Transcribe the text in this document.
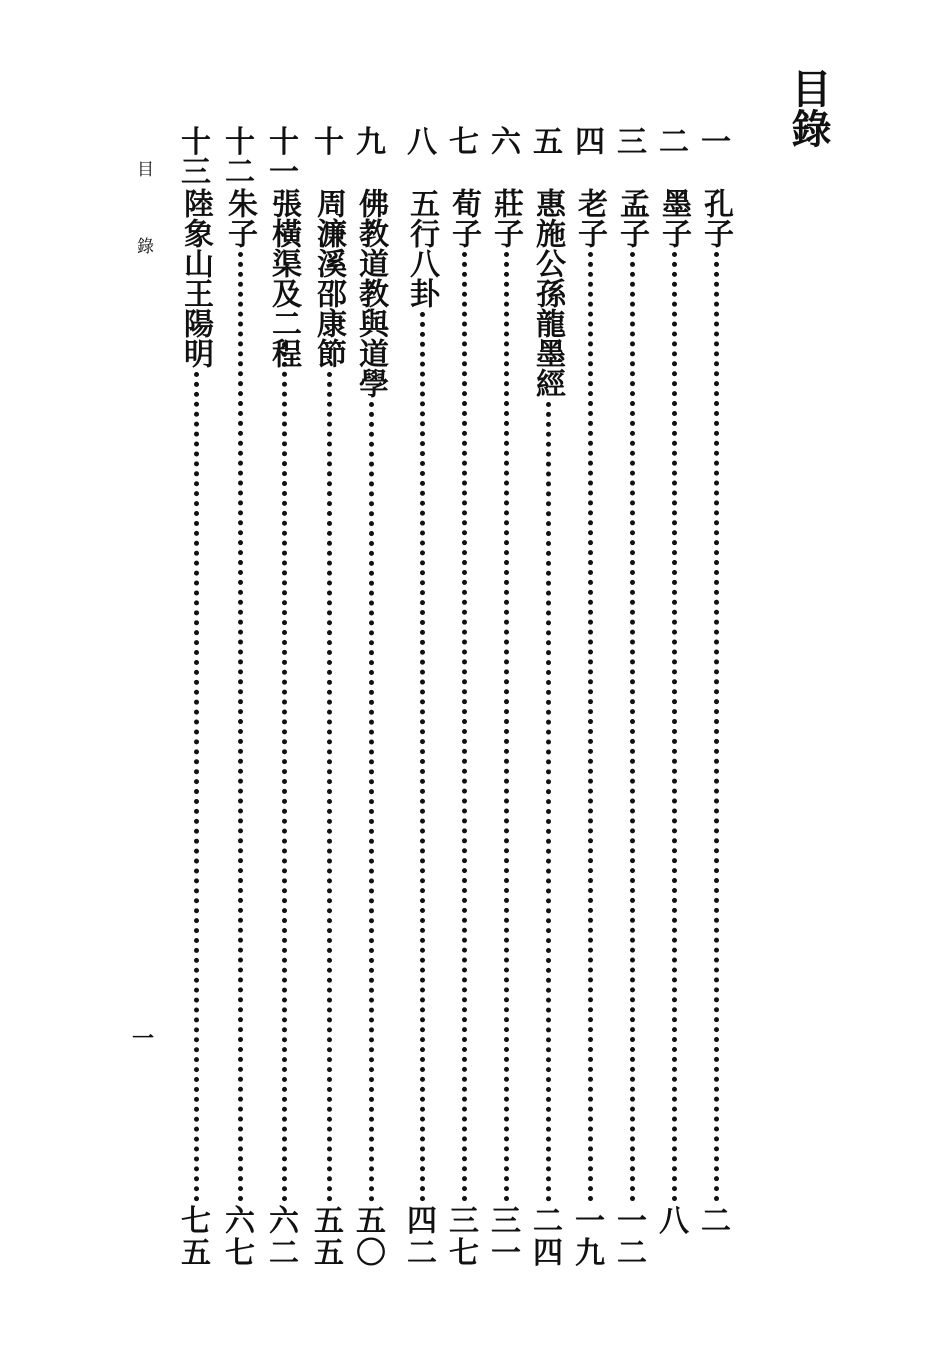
目錄
一
孔子
二
二
墨子
八
三
孟子
一
二
四
老子
一
九
五
惠施公孫龍墨經
二
四
六
莊子
三
一
七
荀子
三
七
八
五行八卦
四
二
九
佛教道教與道學
五
〇
十
周濂溪邵康節
五
五
十
一
張橫渠及二程
六
二
十
二
朱子
六
七
十
三
陸象山王陽明
七
五
目錄
一
